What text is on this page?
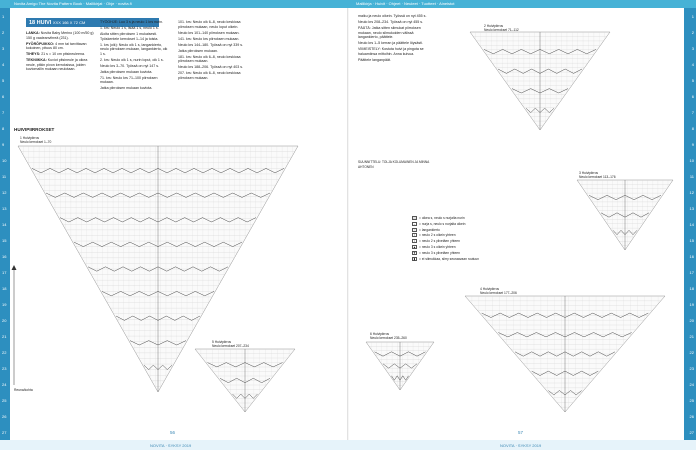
Novita Amigo The Novita Pattern Book · Mallikirjat · Ohje · novita.fi	Mallikirja · Huivit · Ohjeet · Neuleet · Tuotteet · Aineistot
1
2
3
4
5
6
7
8
9
10
11
12
13
14
15
16
17
18
19
20
21
22
23
24
25
26
27
1
2
3
4
5
6
7
8
9
10
11
12
13
14
15
16
17
18
19
20
21
22
23
24
25
26
27
18 HUIVI XXX 166 X 72 CM

LANKA: Novita Baby Merino (100 m/50 g) 150 g vaaleanvihreä (231).

PYÖRÖPUIKKO: 4 mm tai tarvittavan kokoinen, pituus 80 cm.

TIHEYS: 21 s = 10 cm pitsineuleena.

TEKNIIKKA: Kuviot pitsineule ja oikea neule, pitkin pivon kerroksissa, joiden kuviomallin mukaan neulotaan.

TYÖOHJE: Luo 3 s ja neulo 1 krs nurin.

1. krs: Neulo 1 s, lisää 1 s, neulo 1 s.

Aloita sitten piirroksen 1 mukaisesti. Työskentele kerrokset 1–14 ja toista.

1. krs (oik): Neulo oik 1 s, langankierto, neulo piirroksen mukaan, langankierto, oik 1 s.

2. krs: Neulo oik 1 s, nurin loput, oik 1 s.

Neulo krs 3–70. Työssä on nyt 147 s.

Jatka piirroksen mukaan kuviota.

71. krs: Neulo krs 71–100 piirroksen mukaan.

Jatka piirroksen mukaan kuviota.

101. krs: Neulo oik 6–8, neulo keskiosa piirroksen mukaan, neulo loput oikein.

Neulo krs 101–140 piirroksen mukaan.

141. krs: Neulo krs piirroksen mukaan.

Neulo krs 144–180. Työssä on nyt 339 s.

Jatka piirroksen mukaan.

181. krs: Neulo oik 6–8, neulo keskiosa piirroksen mukaan.

Neulo krs 188–206. Työssä on nyt 403 s.

207. krs: Neulo oik 6–8, neulo keskiosa piirroksen mukaan.

maiku ja neulo oikein. Työssä on nyt 455 s.

Neulo krs 208–234. Työssä on nyt 455 s.

PÄÄTÄ: Jatka sitten silmukat piirroksen mukaan, neulo silmukoiden välissä langankierto, päättele.

Neulo krs 1–5 kerran ja päättele löysästi.

VIIMEISTELY: Kostuta huivi ja pingota se haluamiinsa mittoihin. Anna kuivua.

Päättele langanpäät.

SUUNNITTELU: TOLJA KOLUMAINEN JA MINNA AHTONEN
HUIVIPIIRROKSET
1 Huivipiirros
Neulo kerrokset 1–70
2 Huivipiirros
Neulo kerrokset 71–112
3 Huivipiirros
Neulo kerrokset 113–176
4 Huivipiirros
Neulo kerrokset 177–206
5 Huivipiirros
Neulo kerrokset 207–234
6 Huivipiirros
Neulo kerrokset 235–260
Reuna/kohta
□	= oikea s, neulo s nurjalta nurin
−	= nurja s, neulo s nurjalta oikein
○	= langankierto
/	= neulo 2 s oikein yhteen
\	= neulo 2 s ylivetäen yhteen
▲ = neulo 3 s oikein yhteen
▼ = neulo 3 s ylivetäen yhteen
▮	= ei silmukkaa, siirry seuraavaan ruutuun
56	57
NOVITA · SYKSY 2019	NOVITA · SYKSY 2019
